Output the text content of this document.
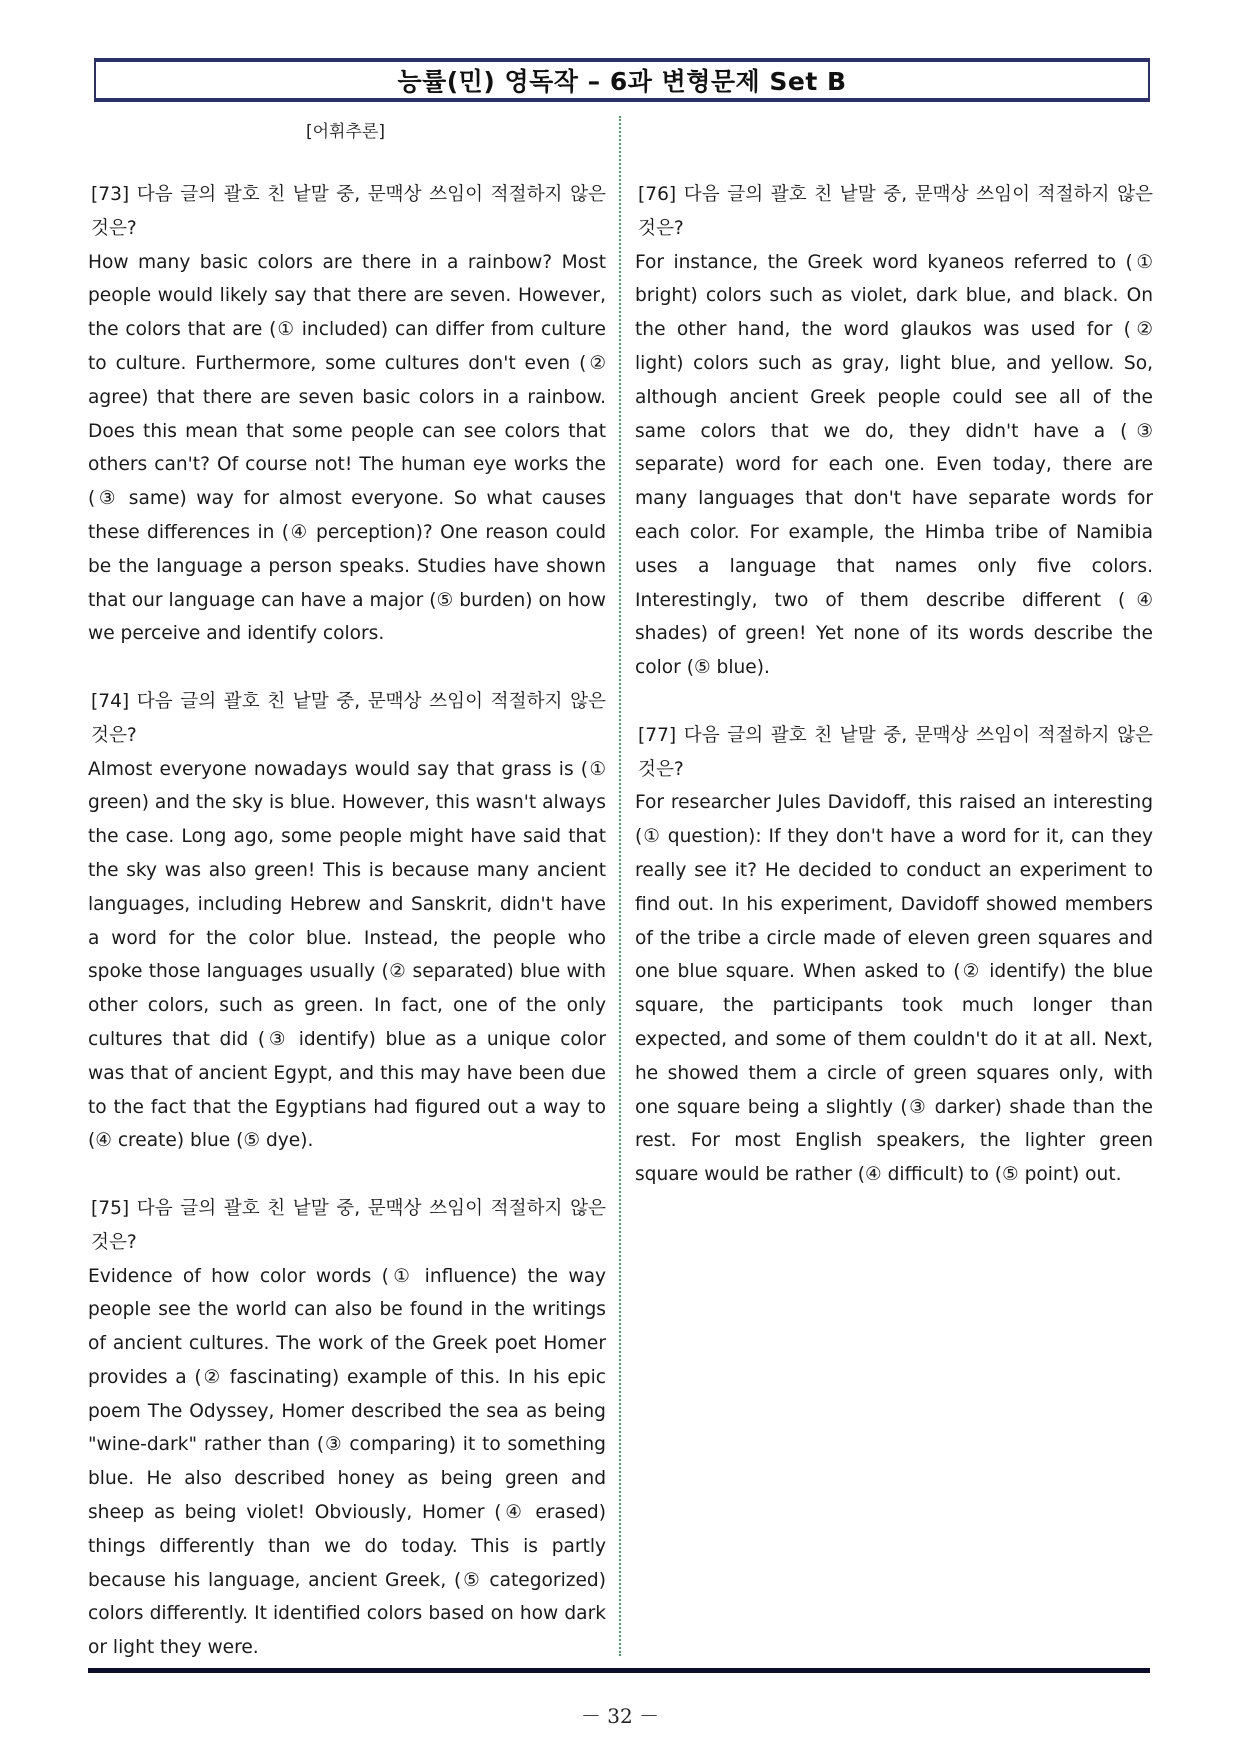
능률(민) 영독작 – 6과 변형문제 Set B
[어휘추론]

[73] 다음 글의 괄호 친 낱말 중, 문맥상 쓰임이 적절하지 않은 것은?

How many basic colors are there in a rainbow? Most people would likely say that there are seven. However, the colors that are (① included) can differ from culture to culture. Furthermore, some cultures don't even (② agree) that there are seven basic colors in a rainbow. Does this mean that some people can see colors that others can't? Of course not! The human eye works the (③ same) way for almost everyone. So what causes these differences in (④ perception)? One reason could be the language a person speaks. Studies have shown that our language can have a major (⑤ burden) on how we perceive and identify colors.

[74] 다음 글의 괄호 친 낱말 중, 문맥상 쓰임이 적절하지 않은 것은?

Almost everyone nowadays would say that grass is (① green) and the sky is blue. However, this wasn't always the case. Long ago, some people might have said that the sky was also green! This is because many ancient languages, including Hebrew and Sanskrit, didn't have a word for the color blue. Instead, the people who spoke those languages usually (② separated) blue with other colors, such as green. In fact, one of the only cultures that did (③ identify) blue as a unique color was that of ancient Egypt, and this may have been due to the fact that the Egyptians had figured out a way to (④ create) blue (⑤ dye).

[75] 다음 글의 괄호 친 낱말 중, 문맥상 쓰임이 적절하지 않은 것은?

Evidence of how color words (① influence) the way people see the world can also be found in the writings of ancient cultures. The work of the Greek poet Homer provides a (② fascinating) example of this. In his epic poem The Odyssey, Homer described the sea as being "wine-dark" rather than (③ comparing) it to something blue. He also described honey as being green and sheep as being violet! Obviously, Homer (④ erased) things differently than we do today. This is partly because his language, ancient Greek, (⑤ categorized) colors differently. It identified colors based on how dark or light they were.

[76] 다음 글의 괄호 친 낱말 중, 문맥상 쓰임이 적절하지 않은 것은?

For instance, the Greek word kyaneos referred to (① bright) colors such as violet, dark blue, and black. On the other hand, the word glaukos was used for (② light) colors such as gray, light blue, and yellow. So, although ancient Greek people could see all of the same colors that we do, they didn't have a (③ separate) word for each one. Even today, there are many languages that don't have separate words for each color. For example, the Himba tribe of Namibia uses a language that names only five colors. Interestingly, two of them describe different (④ shades) of green! Yet none of its words describe the color (⑤ blue).

[77] 다음 글의 괄호 친 낱말 중, 문맥상 쓰임이 적절하지 않은 것은?

For researcher Jules Davidoff, this raised an interesting (① question): If they don't have a word for it, can they really see it? He decided to conduct an experiment to find out. In his experiment, Davidoff showed members of the tribe a circle made of eleven green squares and one blue square. When asked to (② identify) the blue square, the participants took much longer than expected, and some of them couldn't do it at all. Next, he showed them a circle of green squares only, with one square being a slightly (③ darker) shade than the rest. For most English speakers, the lighter green square would be rather (④ difficult) to (⑤ point) out.

－ 32 －
